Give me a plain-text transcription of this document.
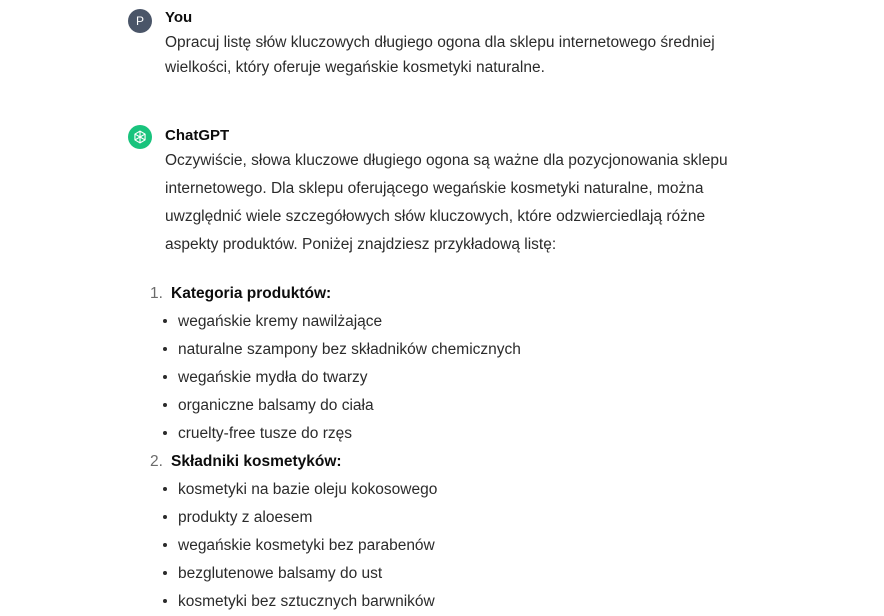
P You
Opracuj listę słów kluczowych długiego ogona dla sklepu internetowego średniej
wielkości, który oferuje wegańskie kosmetyki naturalne.
ChatGPT
Oczywiście, słowa kluczowe długiego ogona są ważne dla pozycjonowania sklepu
internetowego. Dla sklepu oferującego wegańskie kosmetyki naturalne, można
uwzględnić wiele szczegółowych słów kluczowych, które odzwierciedlają różne
aspekty produktów. Poniżej znajdziesz przykładową listę:
1. Kategoria produktów:
wegańskie kremy nawilżające
naturalne szampony bez składników chemicznych
wegańskie mydła do twarzy
organiczne balsamy do ciała
cruelty-free tusze do rzęs
2. Składniki kosmetyków:
kosmetyki na bazie oleju kokosowego
produkty z aloesem
wegańskie kosmetyki bez parabenów
bezglutenowe balsamy do ust
kosmetyki bez sztucznych barwników
